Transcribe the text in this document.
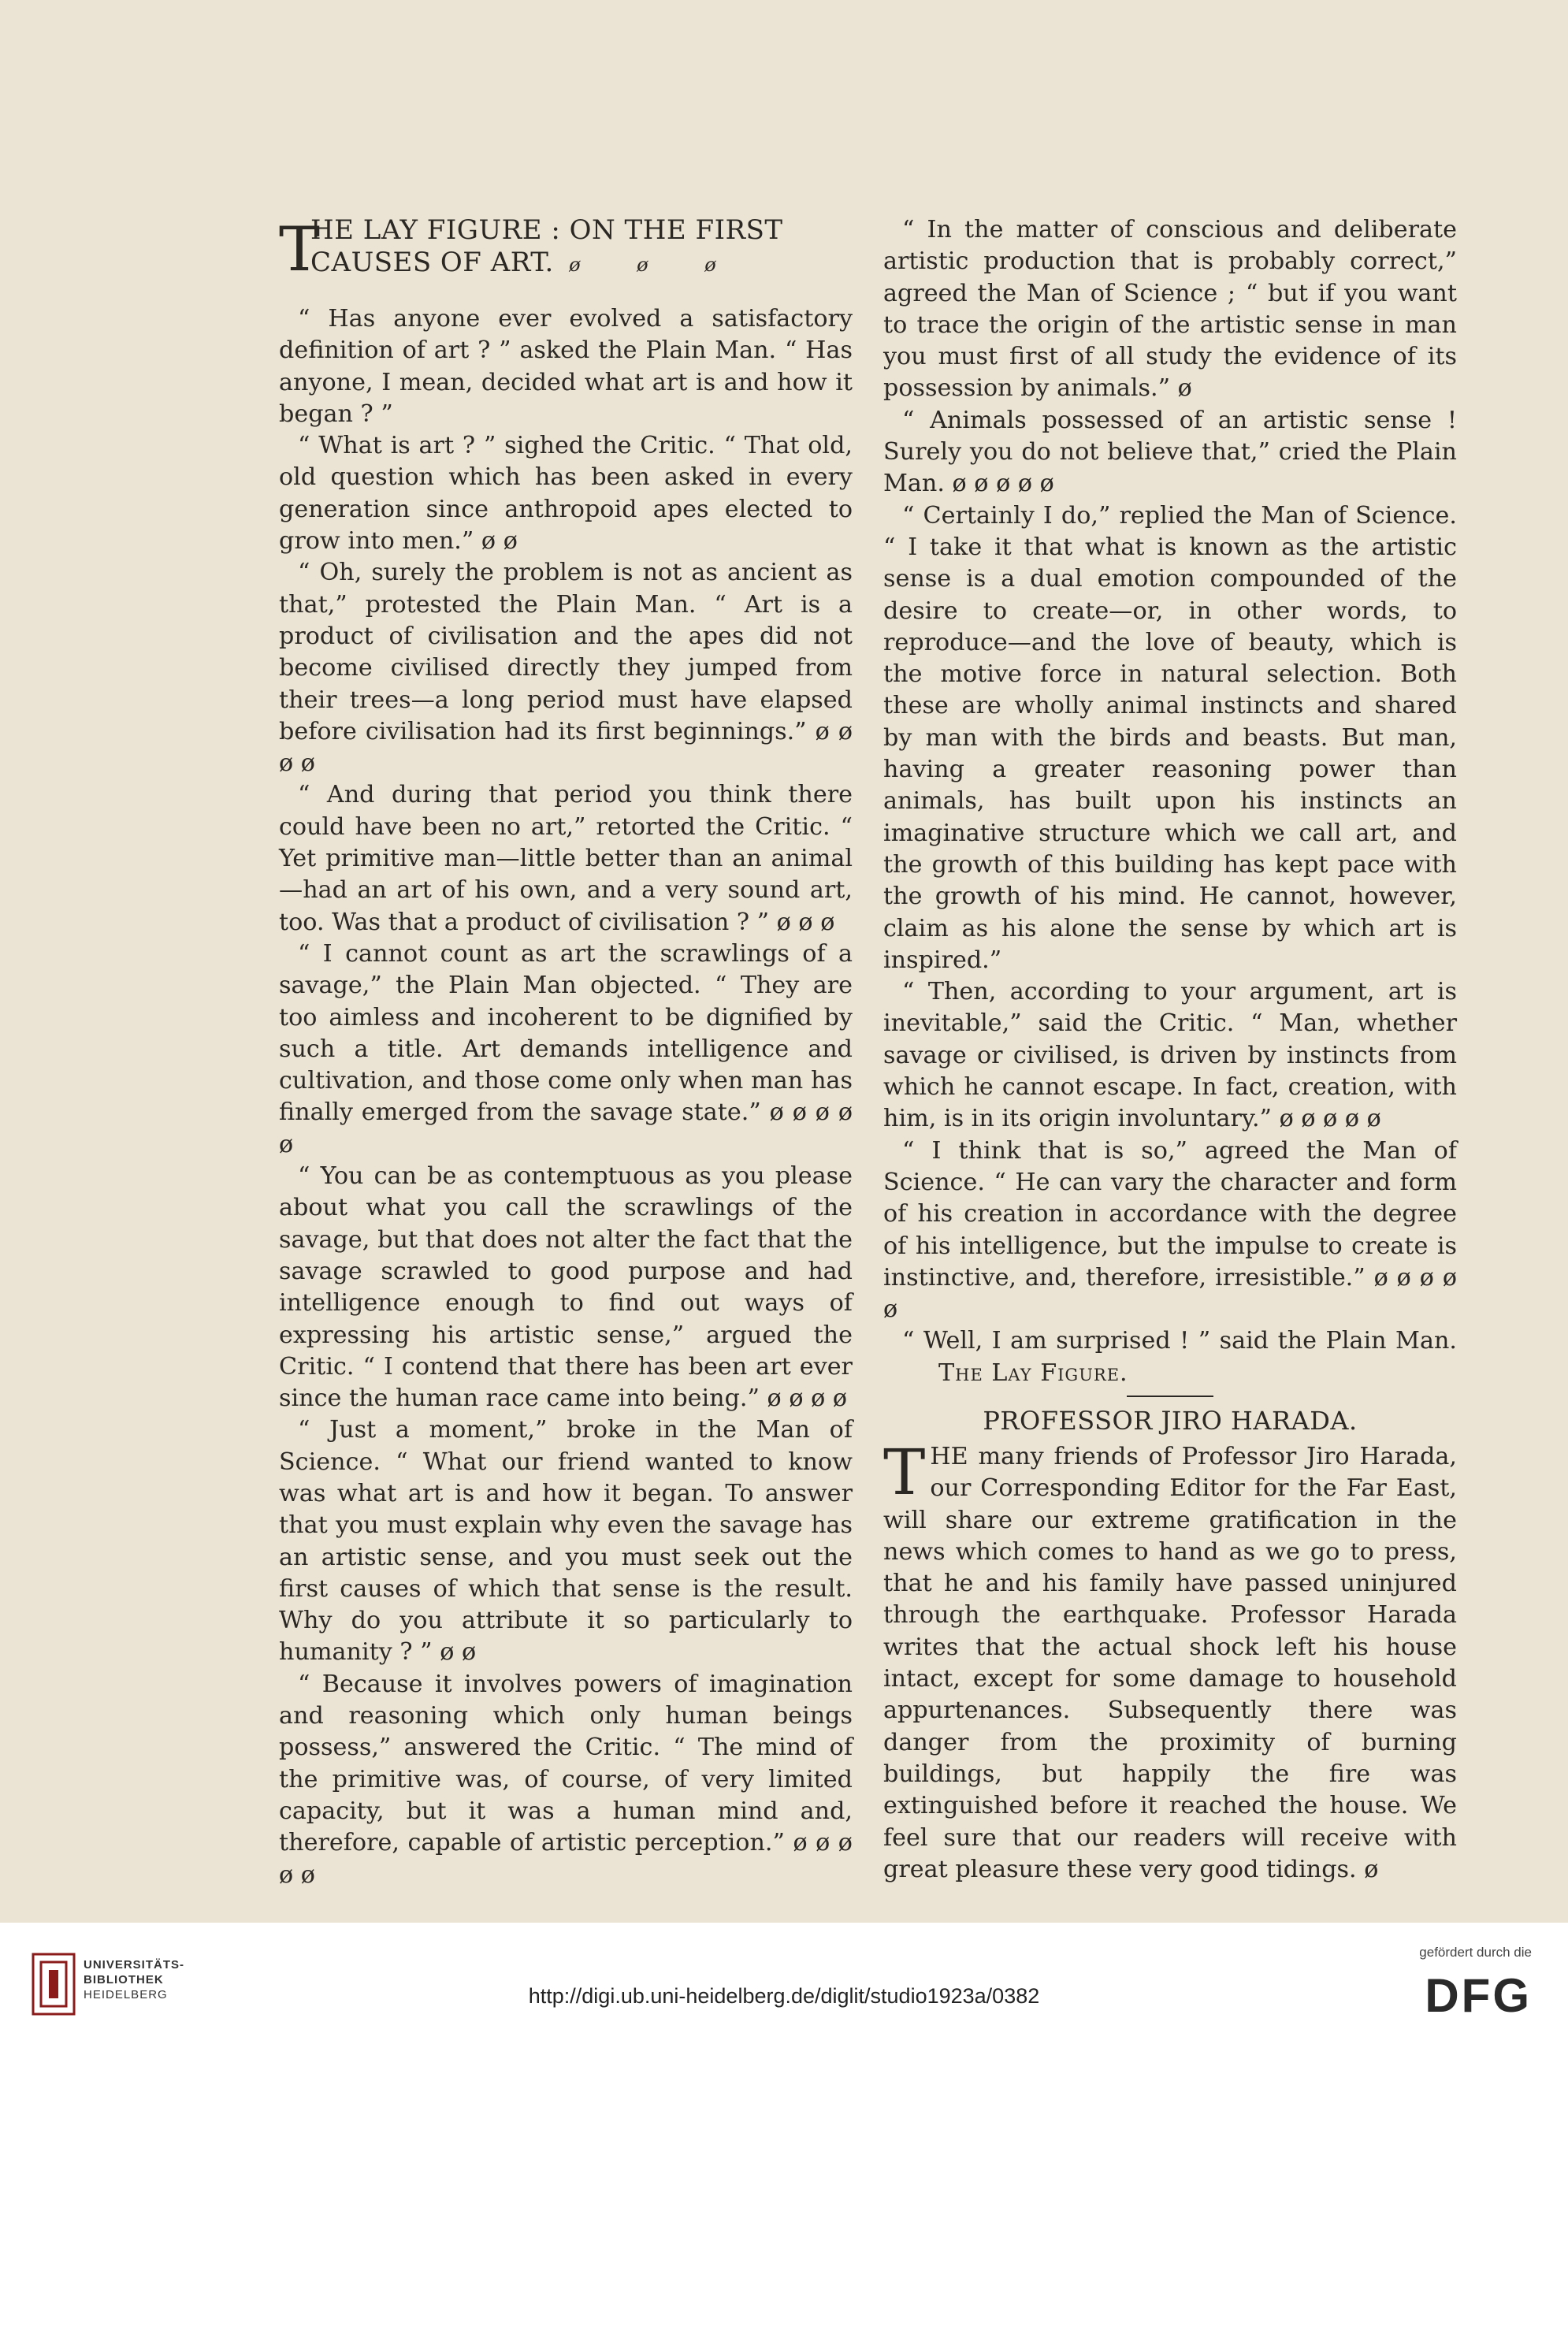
T
HE LAY FIGURE : ON THE FIRST CAUSES OF ART. ø ø ø

“ Has anyone ever evolved a satisfactory definition of art ? ” asked the Plain Man. “ Has anyone, I mean, decided what art is and how it began ? ”

“ What is art ? ” sighed the Critic. “ That old, old question which has been asked in every generation since anthropoid apes elected to grow into men.” ø ø

“ Oh, surely the problem is not as ancient as that,” protested the Plain Man. “ Art is a product of civilisation and the apes did not become civilised directly they jumped from their trees—a long period must have elapsed before civilisation had its first beginnings.” ø ø ø ø

“ And during that period you think there could have been no art,” retorted the Critic. “ Yet primitive man—little better than an animal—had an art of his own, and a very sound art, too. Was that a product of civilisation ? ” ø ø ø

“ I cannot count as art the scrawlings of a savage,” the Plain Man objected. “ They are too aimless and incoherent to be dignified by such a title. Art demands intelligence and cultivation, and those come only when man has finally emerged from the savage state.” ø ø ø ø ø

“ You can be as contemptuous as you please about what you call the scrawlings of the savage, but that does not alter the fact that the savage scrawled to good purpose and had intelligence enough to find out ways of expressing his artistic sense,” argued the Critic. “ I contend that there has been art ever since the human race came into being.” ø ø ø ø

“ Just a moment,” broke in the Man of Science. “ What our friend wanted to know was what art is and how it began. To answer that you must explain why even the savage has an artistic sense, and you must seek out the first causes of which that sense is the result. Why do you attribute it so particularly to humanity ? ” ø ø

“ Because it involves powers of imagination and reasoning which only human beings possess,” answered the Critic. “ The mind of the primitive was, of course, of very limited capacity, but it was a human mind and, therefore, capable of artistic perception.” ø ø ø ø ø

“ In the matter of conscious and deliberate artistic production that is probably correct,” agreed the Man of Science ; “ but if you want to trace the origin of the artistic sense in man you must first of all study the evidence of its possession by animals.” ø

“ Animals possessed of an artistic sense ! Surely you do not believe that,” cried the Plain Man. ø ø ø ø ø

“ Certainly I do,” replied the Man of Science. “ I take it that what is known as the artistic sense is a dual emotion compounded of the desire to create—or, in other words, to reproduce—and the love of beauty, which is the motive force in natural selection. Both these are wholly animal instincts and shared by man with the birds and beasts. But man, having a greater reasoning power than animals, has built upon his instincts an imaginative structure which we call art, and the growth of this building has kept pace with the growth of his mind. He cannot, however, claim as his alone the sense by which art is inspired.”

“ Then, according to your argument, art is inevitable,” said the Critic. “ Man, whether savage or civilised, is driven by instincts from which he cannot escape. In fact, creation, with him, is in its origin involuntary.” ø ø ø ø ø

“ I think that is so,” agreed the Man of Science. “ He can vary the character and form of his creation in accordance with the degree of his intelligence, but the impulse to create is instinctive, and, therefore, irresistible.” ø ø ø ø ø

“ Well, I am surprised ! ” said the Plain Man.The Lay Figure.

PROFESSOR JIRO HARADA.

THE many friends of Professor Jiro Harada, our Corresponding Editor for the Far East, will share our extreme gratification in the news which comes to hand as we go to press, that he and his family have passed uninjured through the earthquake. Professor Harada writes that the actual shock left his house intact, except for some damage to household appurtenances. Subsequently there was danger from the proximity of burning buildings, but happily the fire was extinguished before it reached the house. We feel sure that our readers will receive with great pleasure these very good tidings. ø

UNIVERSITÄTS-
BIBLIOTHEK
HEIDELBERG	http://digi.ub.uni-heidelberg.de/diglit/studio1923a/0382
gefördert durch die
DFG
